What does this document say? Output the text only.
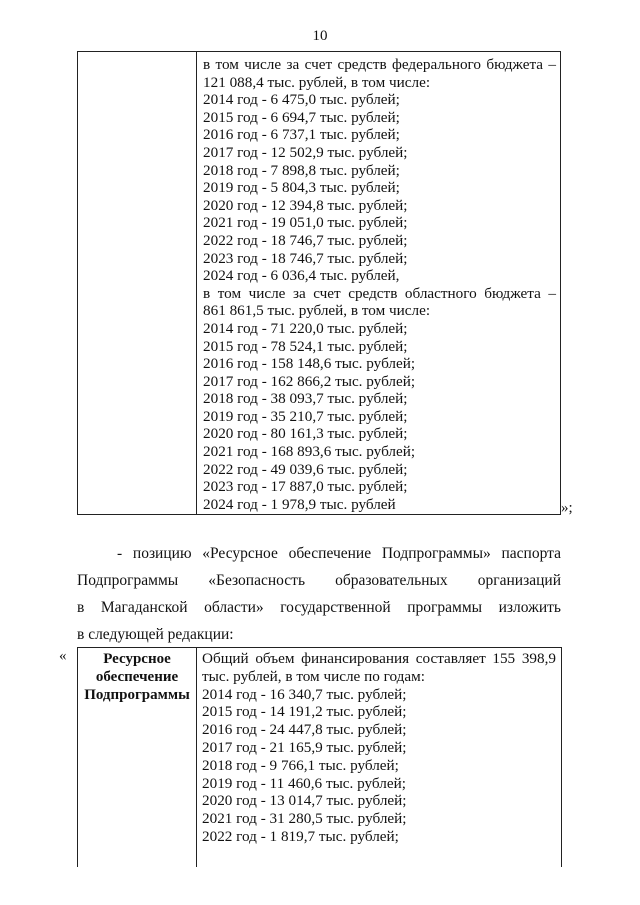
10
в том числе за счет средств федерального бюджета –
121 088,4 тыс. рублей, в том числе:
2014 год - 6 475,0 тыс. рублей;
2015 год - 6 694,7 тыс. рублей;
2016 год - 6 737,1 тыс. рублей;
2017 год - 12 502,9 тыс. рублей;
2018 год - 7 898,8 тыс. рублей;
2019 год - 5 804,3 тыс. рублей;
2020 год - 12 394,8 тыс. рублей;
2021 год - 19 051,0 тыс. рублей;
2022 год - 18 746,7 тыс. рублей;
2023 год - 18 746,7 тыс. рублей;
2024 год - 6 036,4 тыс. рублей,
в том числе за счет средств областного бюджета –
861 861,5 тыс. рублей, в том числе:
2014 год - 71 220,0 тыс. рублей;
2015 год - 78 524,1 тыс. рублей;
2016 год - 158 148,6 тыс. рублей;
2017 год - 162 866,2 тыс. рублей;
2018 год - 38 093,7 тыс. рублей;
2019 год - 35 210,7 тыс. рублей;
2020 год - 80 161,3 тыс. рублей;
2021 год - 168 893,6 тыс. рублей;
2022 год - 49 039,6 тыс. рублей;
2023 год - 17 887,0 тыс. рублей;
2024 год - 1 978,9 тыс. рублей	»;
- позицию «Ресурсное обеспечение Подпрограммы» паспорта
Подпрограммы «Безопасность образовательных организаций
в Магаданской области» государственной программы изложить
в следующей редакции:
«	Ресурсное
обеспечение
Подпрограммы
Общий объем финансирования составляет 155 398,9
тыс. рублей, в том числе по годам:
2014 год - 16 340,7 тыс. рублей;
2015 год - 14 191,2 тыс. рублей;
2016 год - 24 447,8 тыс. рублей;
2017 год - 21 165,9 тыс. рублей;
2018 год - 9 766,1 тыс. рублей;
2019 год - 11 460,6 тыс. рублей;
2020 год - 13 014,7 тыс. рублей;
2021 год - 31 280,5 тыс. рублей;
2022 год - 1 819,7 тыс. рублей;
